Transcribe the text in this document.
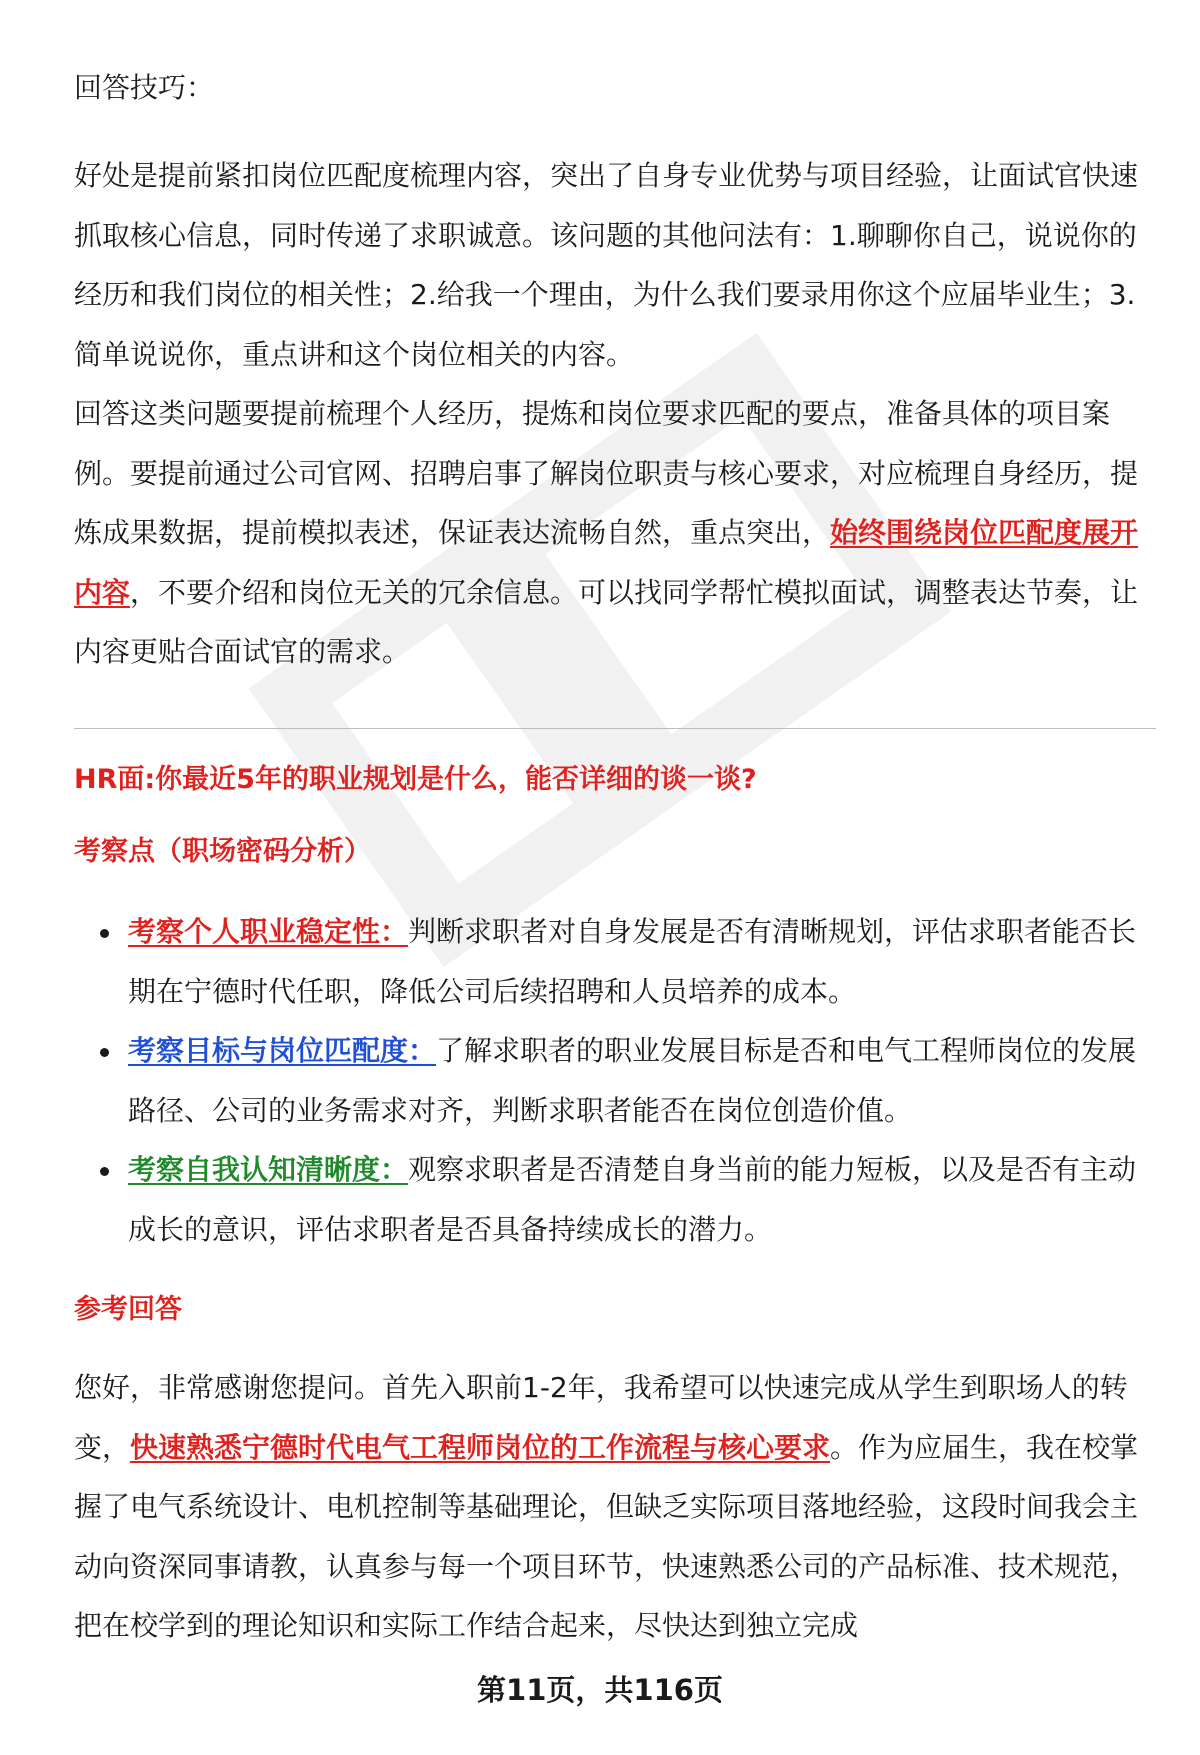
回答技巧：

好处是提前紧扣岗位匹配度梳理内容，突出了自身专业优势与项目经验，让面试官快速抓取核心信息，同时传递了求职诚意。该问题的其他问法有：1.聊聊你自己，说说你的经历和我们岗位的相关性；2.给我一个理由，为什么我们要录用你这个应届毕业生；3.简单说说你，重点讲和这个岗位相关的内容。

回答这类问题要提前梳理个人经历，提炼和岗位要求匹配的要点，准备具体的项目案例。要提前通过公司官网、招聘启事了解岗位职责与核心要求，对应梳理自身经历，提炼成果数据，提前模拟表述，保证表达流畅自然，重点突出，始终围绕岗位匹配度展开内容，不要介绍和岗位无关的冗余信息。可以找同学帮忙模拟面试，调整表达节奏，让内容更贴合面试官的需求。

HR面:你最近5年的职业规划是什么，能否详细的谈一谈?
考察点（职场密码分析）
考察个人职业稳定性：判断求职者对自身发展是否有清晰规划，评估求职者能否长期在宁德时代任职，降低公司后续招聘和人员培养的成本。
考察目标与岗位匹配度：了解求职者的职业发展目标是否和电气工程师岗位的发展路径、公司的业务需求对齐，判断求职者能否在岗位创造价值。
考察自我认知清晰度：观察求职者是否清楚自身当前的能力短板，以及是否有主动成长的意识，评估求职者是否具备持续成长的潜力。
参考回答

您好，非常感谢您提问。首先入职前1-2年，我希望可以快速完成从学生到职场人的转变，快速熟悉宁德时代电气工程师岗位的工作流程与核心要求。作为应届生，我在校掌握了电气系统设计、电机控制等基础理论，但缺乏实际项目落地经验，这段时间我会主动向资深同事请教，认真参与每一个项目环节，快速熟悉公司的产品标准、技术规范，把在校学到的理论知识和实际工作结合起来，尽快达到独立完成

第11页，共116页
